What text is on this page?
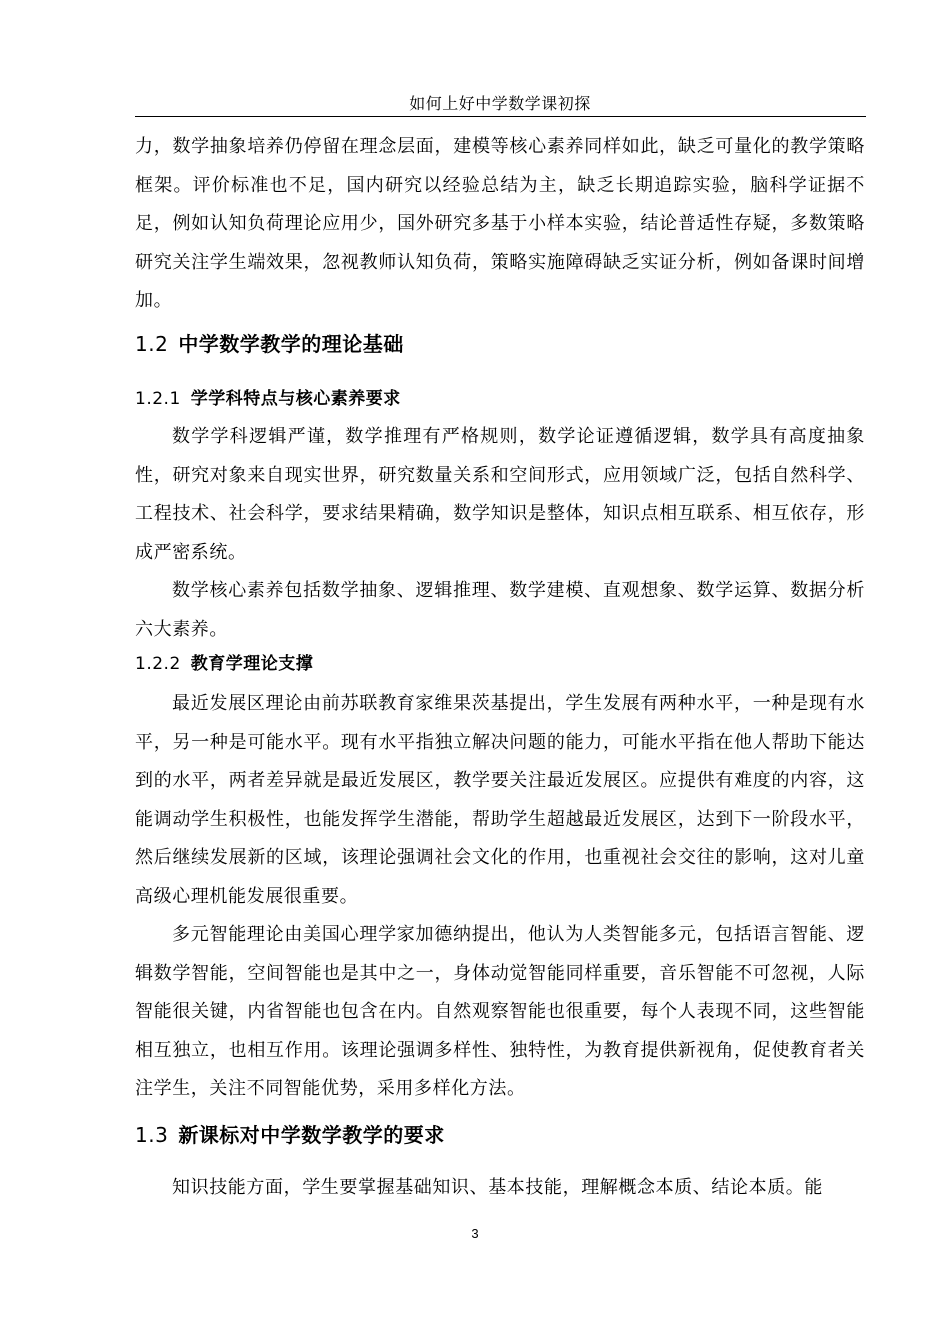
如何上好中学数学课初探

力，数学抽象培养仍停留在理念层面，建模等核心素养同样如此，缺乏可量化的教学策略框架。评价标准也不足，国内研究以经验总结为主，缺乏长期追踪实验，脑科学证据不足，例如认知负荷理论应用少，国外研究多基于小样本实验，结论普适性存疑，多数策略研究关注学生端效果，忽视教师认知负荷，策略实施障碍缺乏实证分析，例如备课时间增加。

1.2 中学数学教学的理论基础
1.2.1 学学科特点与核心素养要求

数学学科逻辑严谨，数学推理有严格规则，数学论证遵循逻辑，数学具有高度抽象性，研究对象来自现实世界，研究数量关系和空间形式，应用领域广泛，包括自然科学、工程技术、社会科学，要求结果精确，数学知识是整体，知识点相互联系、相互依存，形成严密系统。

数学核心素养包括数学抽象、逻辑推理、数学建模、直观想象、数学运算、数据分析六大素养。

1.2.2 教育学理论支撑

最近发展区理论由前苏联教育家维果茨基提出，学生发展有两种水平，一种是现有水平，另一种是可能水平。现有水平指独立解决问题的能力，可能水平指在他人帮助下能达到的水平，两者差异就是最近发展区，教学要关注最近发展区。应提供有难度的内容，这能调动学生积极性，也能发挥学生潜能，帮助学生超越最近发展区，达到下一阶段水平，然后继续发展新的区域，该理论强调社会文化的作用，也重视社会交往的影响，这对儿童高级心理机能发展很重要。

多元智能理论由美国心理学家加德纳提出，他认为人类智能多元，包括语言智能、逻辑数学智能，空间智能也是其中之一，身体动觉智能同样重要，音乐智能不可忽视，人际智能很关键，内省智能也包含在内。自然观察智能也很重要，每个人表现不同，这些智能相互独立，也相互作用。该理论强调多样性、独特性，为教育提供新视角，促使教育者关注学生，关注不同智能优势，采用多样化方法。

1.3 新课标对中学数学教学的要求

知识技能方面，学生要掌握基础知识、基本技能，理解概念本质、结论本质。能

3
